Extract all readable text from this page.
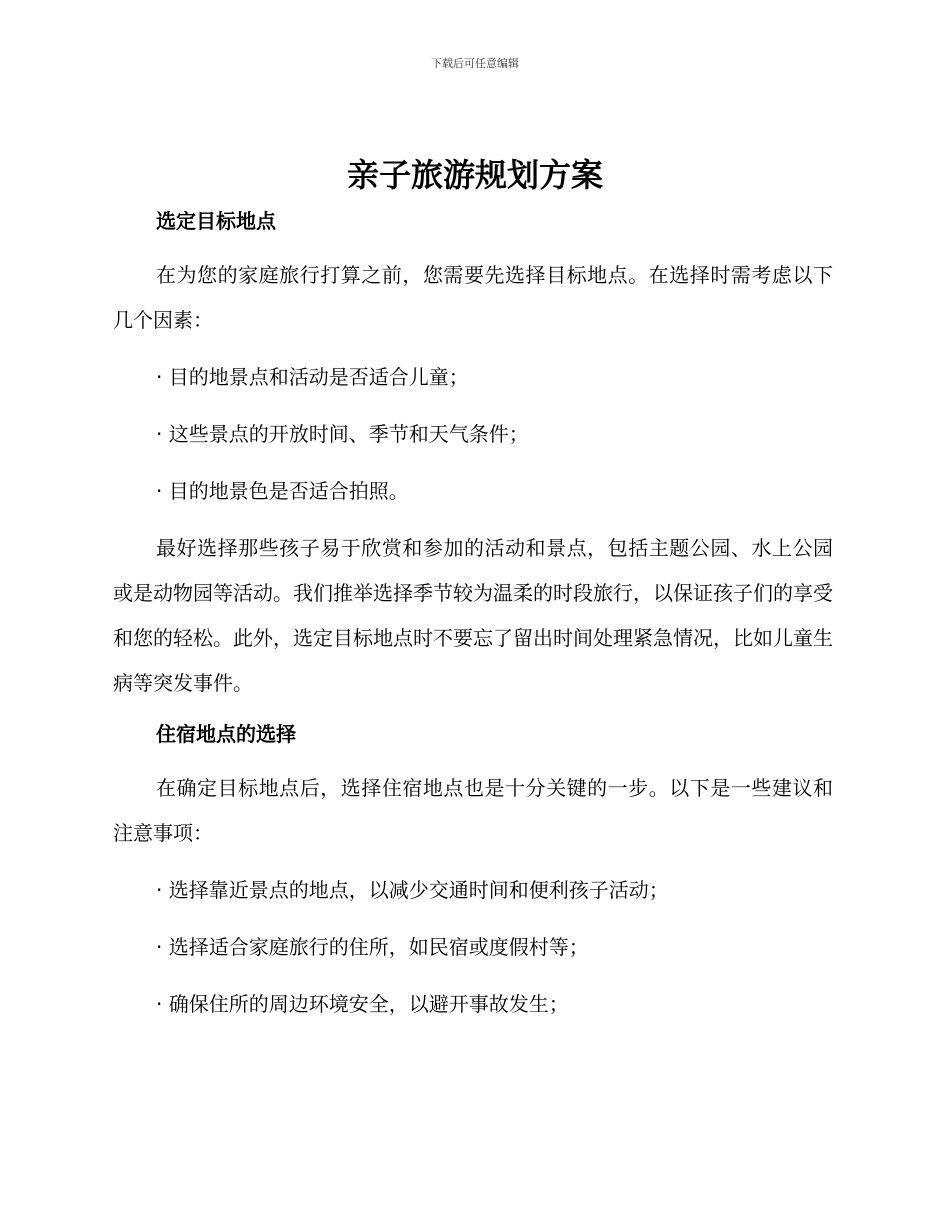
下载后可任意编辑
亲子旅游规划方案

选定目标地点

在为您的家庭旅行打算之前，您需要先选择目标地点。在选择时需考虑以下几个因素：

· 目的地景点和活动是否适合儿童；

· 这些景点的开放时间、季节和天气条件；

· 目的地景色是否适合拍照。

最好选择那些孩子易于欣赏和参加的活动和景点，包括主题公园、水上公园或是动物园等活动。我们推举选择季节较为温柔的时段旅行，以保证孩子们的享受和您的轻松。此外，选定目标地点时不要忘了留出时间处理紧急情况，比如儿童生病等突发事件。

住宿地点的选择

在确定目标地点后，选择住宿地点也是十分关键的一步。以下是一些建议和注意事项：

· 选择靠近景点的地点，以减少交通时间和便利孩子活动；

· 选择适合家庭旅行的住所，如民宿或度假村等；

· 确保住所的周边环境安全，以避开事故发生；
